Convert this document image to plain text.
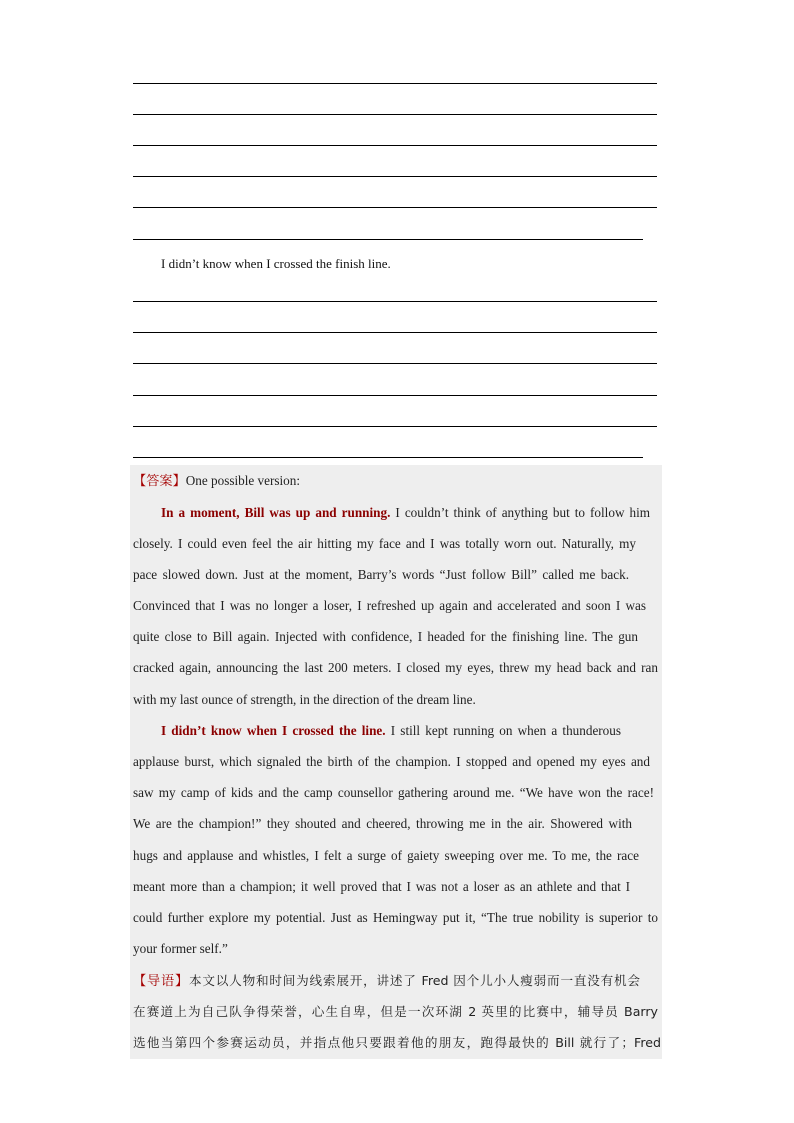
I didn’t know when I crossed the finish line.
【答案】One possible version:
In a moment, Bill was up and running. I couldn’t think of anything but to follow him
closely. I could even feel the air hitting my face and I was totally worn out. Naturally, my
pace slowed down. Just at the moment, Barry’s words “Just follow Bill” called me back.
Convinced that I was no longer a loser, I refreshed up again and accelerated and soon I was
quite close to Bill again. Injected with confidence, I headed for the finishing line. The gun
cracked again, announcing the last 200 meters. I closed my eyes, threw my head back and ran
with my last ounce of strength, in the direction of the dream line.
I didn’t know when I crossed the line. I still kept running on when a thunderous
applause burst, which signaled the birth of the champion. I stopped and opened my eyes and
saw my camp of kids and the camp counsellor gathering around me. “We have won the race!
We are the champion!” they shouted and cheered, throwing me in the air. Showered with
hugs and applause and whistles, I felt a surge of gaiety sweeping over me. To me, the race
meant more than a champion; it well proved that I was not a loser as an athlete and that I
could further explore my potential. Just as Hemingway put it, “The true nobility is superior to
your former self.”
【导语】本文以人物和时间为线索展开，讲述了 Fred 因个儿小人瘦弱而一直没有机会
在赛道上为自己队争得荣誉，心生自卑，但是一次环湖 2 英里的比赛中，辅导员 Barry
选他当第四个参赛运动员，并指点他只要跟着他的朋友，跑得最快的 Bill 就行了；Fred
